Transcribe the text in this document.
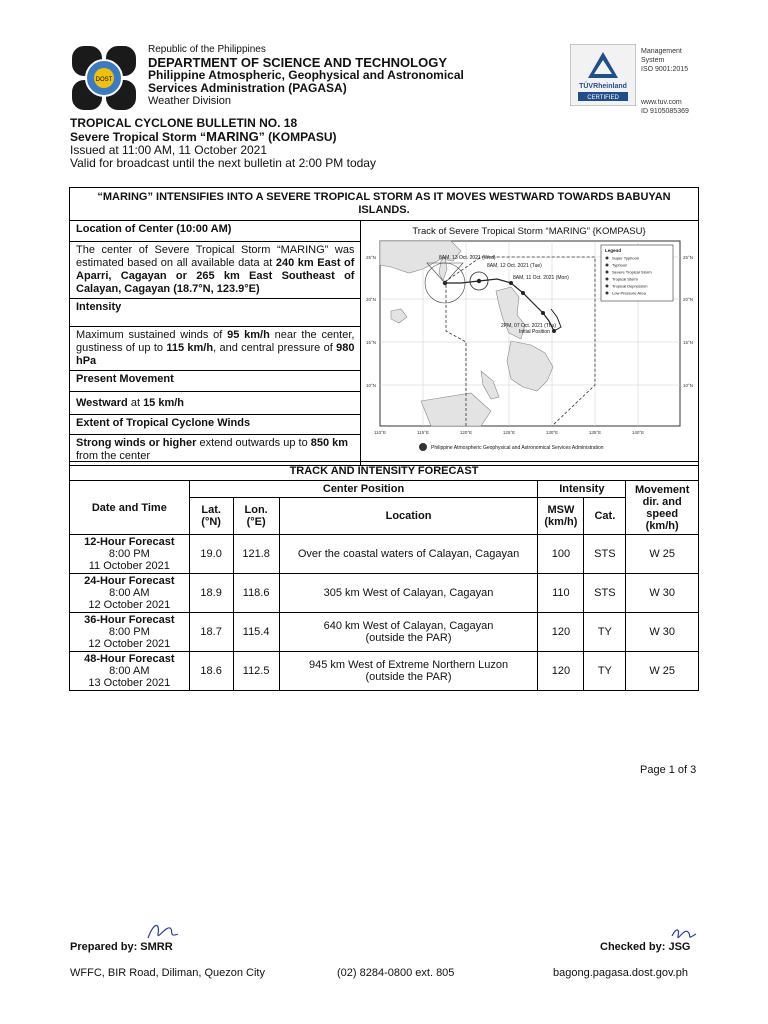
DOST
Republic of the Philippines
DEPARTMENT OF SCIENCE AND TECHNOLOGY
Philippine Atmospheric, Geophysical and Astronomical
Services Administration (PAGASA)
Weather Division
TÜVRheinland
CERTIFIED
Management
System
ISO 9001:2015
www.tuv.com
ID 9105085369
TROPICAL CYCLONE BULLETIN NO. 18
Severe Tropical Storm “MARING” (KOMPASU)
Issued at 11:00 AM, 11 October 2021
Valid for broadcast until the next bulletin at 2:00 PM today
“MARING” INTENSIFIES INTO A SEVERE TROPICAL STORM AS IT MOVES WESTWARD TOWARDS BABUYAN ISLANDS.
Location of Center (10:00 AM)	Track of Severe Tropical Storm “MARING” {KOMPASU}
8AM, 13 Oct. 2021 (Wed)
8AM, 12 Oct. 2021 (Tue)
8AM, 11 Oct. 2021 (Mon)
2PM, 07 Oct. 2021 (Thu)
Initial Position
Legend
Super Typhoon
Typhoon
Severe Tropical Storm
Tropical Storm
Tropical Depression
Low Pressure Area
110°E	115°E	120°E	125°E	130°E	135°E	140°E
25°N
20°N
15°N
10°N
25°N
20°N
15°N
10°N
Philippine Atmospheric Geophysical and Astronomical Services Administration

The center of Severe Tropical Storm “MARING” was estimated based on all available data at 240 km East of Aparri, Cagayan or 265 km East Southeast of Calayan, Cagayan (18.7°N, 123.9°E)
Intensity
Maximum sustained winds of 95 km/h near the center, gustiness of up to 115 km/h, and central pressure of 980 hPa
Present Movement
Westward at 15 km/h
Extent of Tropical Cyclone Winds
Strong winds or higher extend outwards up to 850 km from the center
TRACK AND INTENSITY FORECAST						
Date and Time	Center Position			Intensity		Movement dir. and speed (km/h)
	Lat. (°N)	Lon. (°E)	Location	MSW (km/h)	Cat.	
12-Hour Forecast
8:00 PM
11 October 2021	19.0	121.8	Over the coastal waters of Calayan, Cagayan	100	STS	W 25
24-Hour Forecast
8:00 AM
12 October 2021	18.9	118.6	305 km West of Calayan, Cagayan	110	STS	W 30
36-Hour Forecast
8:00 PM
12 October 2021	18.7	115.4	640 km West of Calayan, Cagayan
(outside the PAR)	120	TY	W 30
48-Hour Forecast
8:00 AM
13 October 2021	18.6	112.5	945 km West of Extreme Northern Luzon
(outside the PAR)	120	TY	W 25
Page 1 of 3
Prepared by: SMRR	Checked by: JSG
WFFC, BIR Road, Diliman, Quezon City	(02) 8284-0800 ext. 805	bagong.pagasa.dost.gov.ph
